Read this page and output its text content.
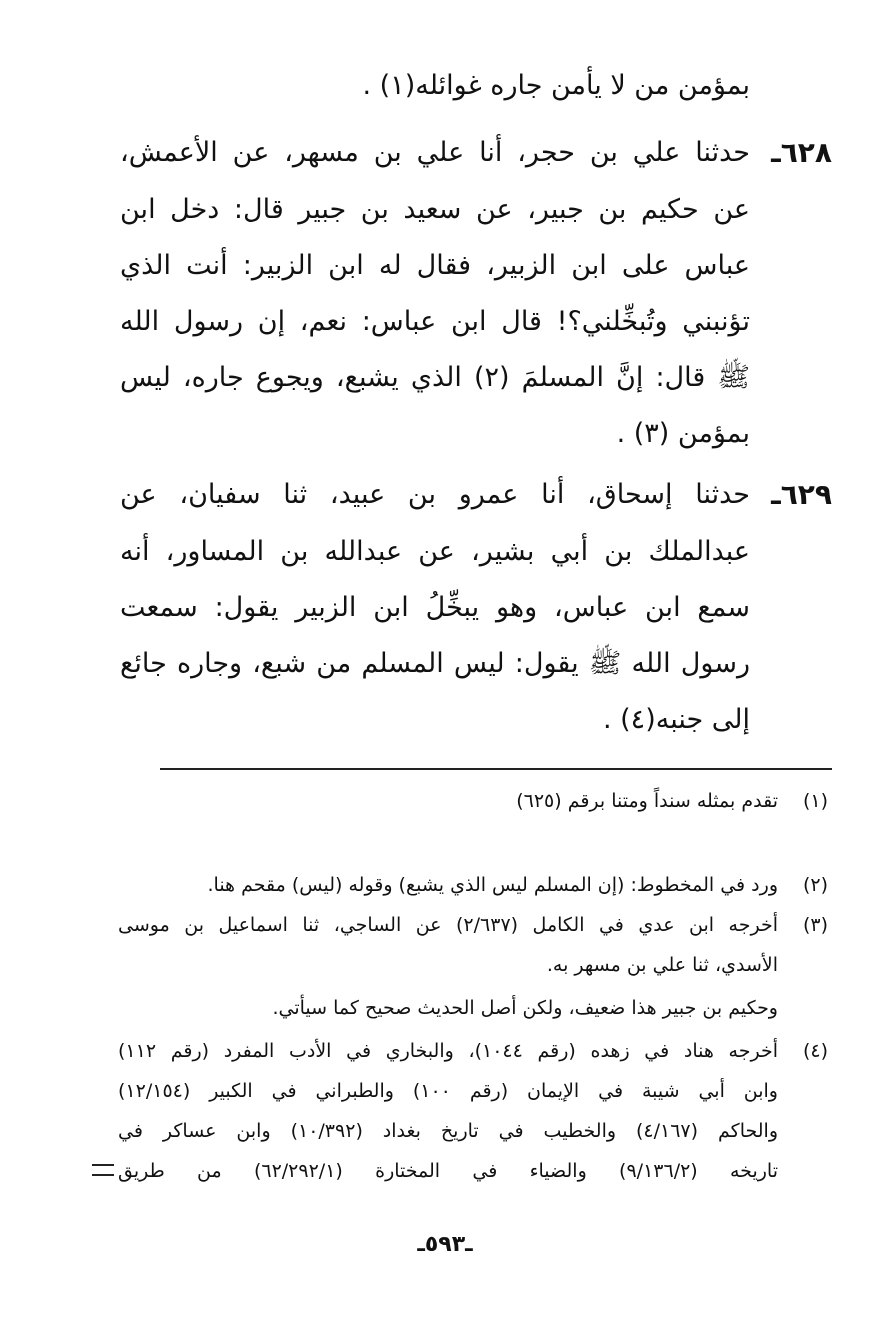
بمؤمن من لا يأمن جاره غوائله(١) .
٦٢٨ـ
حدثنا علي بن حجر، أنا علي بن مسهر، عن الأعمش،
عن حكيم بن جبير، عن سعيد بن جبير قال: دخل ابن
عباس على ابن الزبير، فقال له ابن الزبير: أنت الذي
تؤنبني وتُبخِّلني؟! قال ابن عباس: نعم، إن رسول الله
ﷺ قال: إنَّ المسلمَ (٢) الذي يشبع، ويجوع جاره، ليس
بمؤمن (٣) .
٦٢٩ـ
حدثنا إسحاق، أنا عمرو بن عبيد، ثنا سفيان، عن
عبدالملك بن أبي بشير، عن عبدالله بن المساور، أنه
سمع ابن عباس، وهو يبخِّلُ ابن الزبير يقول: سمعت
رسول الله ﷺ يقول: ليس المسلم من شبع، وجاره جائع
إلى جنبه(٤) .
(١)
تقدم بمثله سنداً ومتنا برقم (٦٢٥)
(٢)
ورد في المخطوط: (إن المسلم ليس الذي يشبع) وقوله (ليس) مقحم هنا.
(٣)
أخرجه ابن عدي في الكامل (٢/٦٣٧) عن الساجي، ثنا اسماعيل بن موسى
الأسدي، ثنا علي بن مسهر به.
وحكيم بن جبير هذا ضعيف، ولكن أصل الحديث صحيح كما سيأتي.
(٤)
أخرجه هناد في زهده (رقم ١٠٤٤)، والبخاري في الأدب المفرد (رقم ١١٢)
وابن أبي شيبة في الإيمان (رقم ١٠٠) والطبراني في الكبير (١٢/١٥٤)
والحاكم (٤/١٦٧) والخطيب في تاريخ بغداد (١٠/٣٩٢) وابن عساكر في
تاريخه (٩/١٣٦/٢) والضياء في المختارة (٦٢/٢٩٢/١) من طريق
ـ٥٩٣ـ
